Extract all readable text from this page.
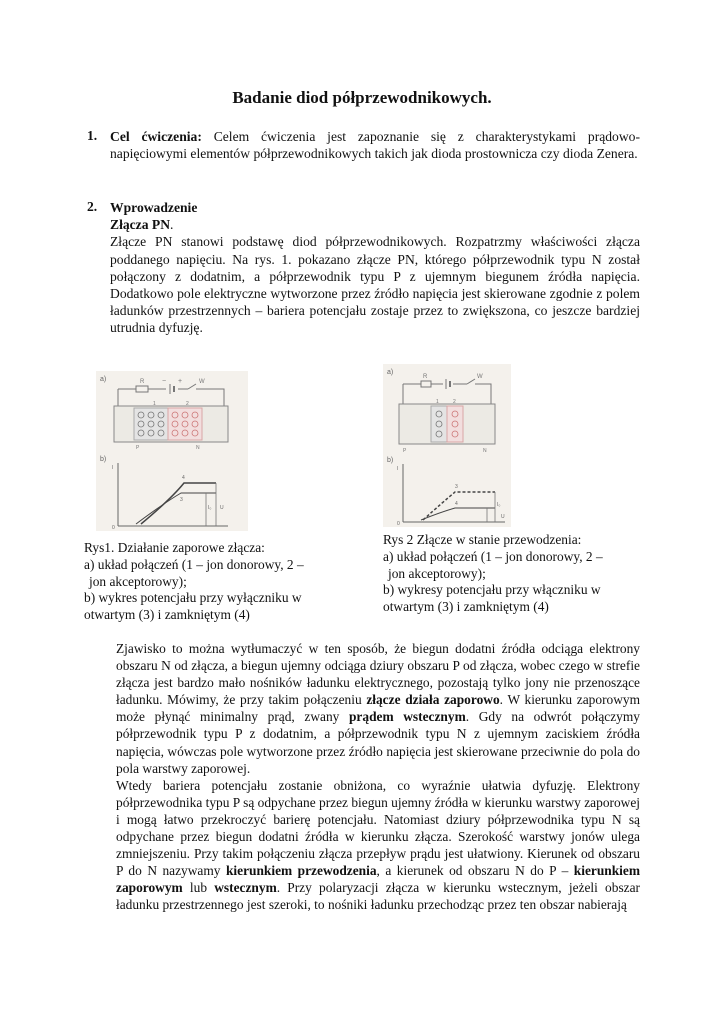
Badanie diod półprzewodnikowych.
1. Cel ćwiczenia: Celem ćwiczenia jest zapoznanie się z charakterystykami prądowo-napięciowymi elementów półprzewodnikowych takich jak dioda prostownicza czy dioda Zenera.
2. Wprowadzenie
Złącza PN.
Złącze PN stanowi podstawę diod półprzewodnikowych. Rozpatrzmy właściwości złącza poddanego napięciu. Na rys. 1. pokazano złącze PN, którego półprzewodnik typu N został połączony z dodatnim, a półprzewodnik typu P z ujemnym biegunem źródła napięcia. Dodatkowo pole elektryczne wytworzone przez źródło napięcia jest skierowane zgodnie z polem ładunków przestrzennych – bariera potencjału zostaje przez to zwiększona, co jeszcze bardziej utrudnia dyfuzję.
a)	R	− +	W
1	2
P	N
b)
I
0
4
3
I₀ U
a)
R	W
1	2
P	N
b)
I
0
3
4	I₀
U
Rys1. Działanie zaporowe złącza:
a) układ połączeń (1 – jon donorowy, 2 –
jon akceptorowy);
b) wykres potencjału przy wyłączniku w
otwartym (3) i zamkniętym (4)
Rys 2 Złącze w stanie przewodzenia:
a) układ połączeń (1 – jon donorowy, 2 –
jon akceptorowy);
b) wykresy potencjału przy włączniku w
otwartym (3) i zamkniętym (4)

Zjawisko to można wytłumaczyć w ten sposób, że biegun dodatni źródła odciąga elektrony obszaru N od złącza, a biegun ujemny odciąga dziury obszaru P od złącza, wobec czego w strefie złącza jest bardzo mało nośników ładunku elektrycznego, pozostają tylko jony nie przenoszące ładunku. Mówimy, że przy takim połączeniu złącze działa zaporowo. W kierunku zaporowym może płynąć minimalny prąd, zwany prądem wstecznym. Gdy na odwrót połączymy półprzewodnik typu P z dodatnim, a półprzewodnik typu N z ujemnym zaciskiem źródła napięcia, wówczas pole wytworzone przez źródło napięcia jest skierowane przeciwnie do pola do pola warstwy zaporowej.

Wtedy bariera potencjału zostanie obniżona, co wyraźnie ułatwia dyfuzję. Elektrony półprzewodnika typu P są odpychane przez biegun ujemny źródła w kierunku warstwy zaporowej i mogą łatwo przekroczyć barierę potencjału. Natomiast dziury półprzewodnika typu N są odpychane przez biegun dodatni źródła w kierunku złącza. Szerokość warstwy jonów ulega zmniejszeniu. Przy takim połączeniu złącza przepływ prądu jest ułatwiony. Kierunek od obszaru P do N nazywamy kierunkiem przewodzenia, a kierunek od obszaru N do P – kierunkiem zaporowym lub wstecznym. Przy polaryzacji złącza w kierunku wstecznym, jeżeli obszar ładunku przestrzennego jest szeroki, to nośniki ładunku przechodząc przez ten obszar nabierają
